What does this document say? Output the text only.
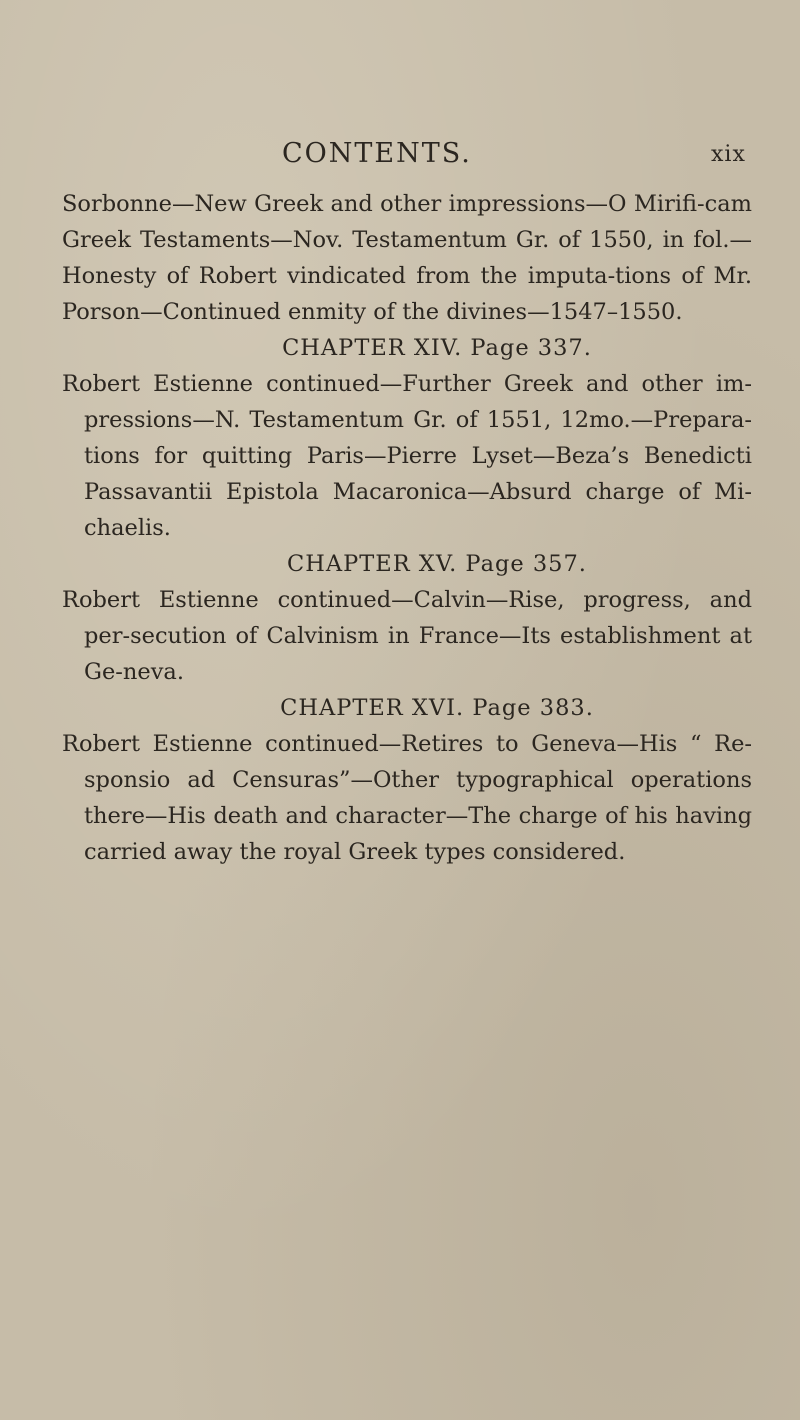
CONTENTS.	xix

Sorbonne—New Greek and other impressions—O Mirifi-cam Greek Testaments—Nov. Testamentum Gr. of 1550, in fol.—Honesty of Robert vindicated from the imputa-tions of Mr. Porson—Continued enmity of the divines—1547–1550.

CHAPTER XIV. Page 337.

Robert Estienne continued—Further Greek and other im-pressions—N. Testamentum Gr. of 1551, 12mo.—Prepara-tions for quitting Paris—Pierre Lyset—Beza’s Benedicti Passavantii Epistola Macaronica—Absurd charge of Mi-chaelis.

CHAPTER XV. Page 357.

Robert Estienne continued—Calvin—Rise, progress, and per-secution of Calvinism in France—Its establishment at Ge-neva.

CHAPTER XVI. Page 383.

Robert Estienne continued—Retires to Geneva—His “ Re-sponsio ad Censuras”—Other typographical operations there—His death and character—The charge of his having carried away the royal Greek types considered.
